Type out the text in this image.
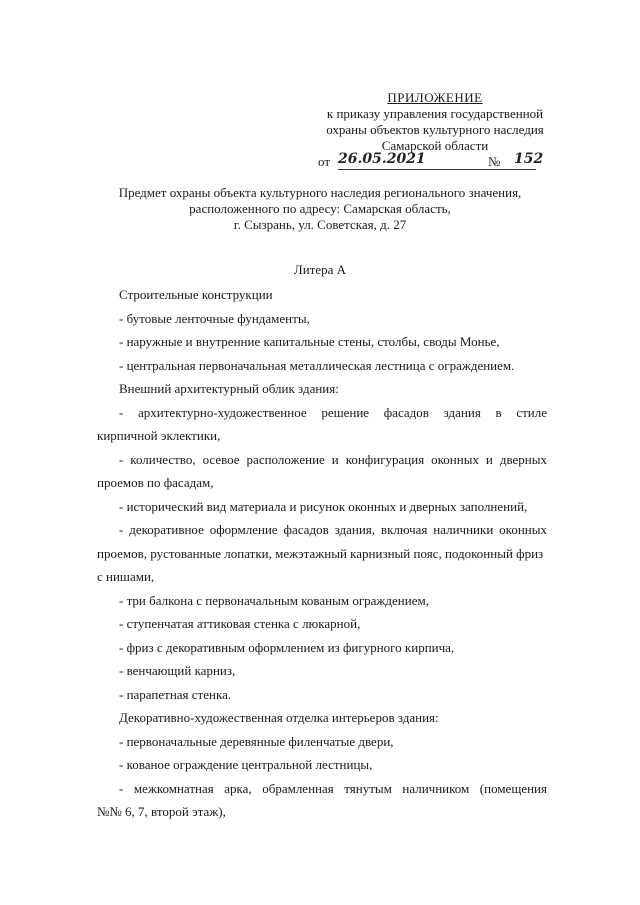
ПРИЛОЖЕНИЕ
к приказу управления государственной
охраны объектов культурного наследия
Самарской области
от 26.05.2021	№ 152
Предмет охраны объекта культурного наследия регионального значения,
расположенного по адресу: Самарская область,
г. Сызрань, ул. Советская, д. 27
Литера А

Строительные конструкции

- бутовые ленточные фундаменты,

- наружные и внутренние капитальные стены, столбы, своды Монье,

- центральная первоначальная металлическая лестница с ограждением.

Внешний архитектурный облик здания:

- архитектурно-художественное решение фасадов здания в стиле

кирпичной эклектики,

- количество, осевое расположение и конфигурация оконных и дверных

проемов по фасадам,

- исторический вид материала и рисунок оконных и дверных заполнений,

- декоративное оформление фасадов здания, включая наличники оконных

проемов, рустованные лопатки, межэтажный карнизный пояс, подоконный фриз

с нишами,

- три балкона с первоначальным кованым ограждением,

- ступенчатая аттиковая стенка с люкарной,

- фриз с декоративным оформлением из фигурного кирпича,

- венчающий карниз,

- парапетная стенка.

Декоративно-художественная отделка интерьеров здания:

- первоначальные деревянные филенчатые двери,

- кованое ограждение центральной лестницы,

- межкомнатная арка, обрамленная тянутым наличником (помещения

№№ 6, 7, второй этаж),
